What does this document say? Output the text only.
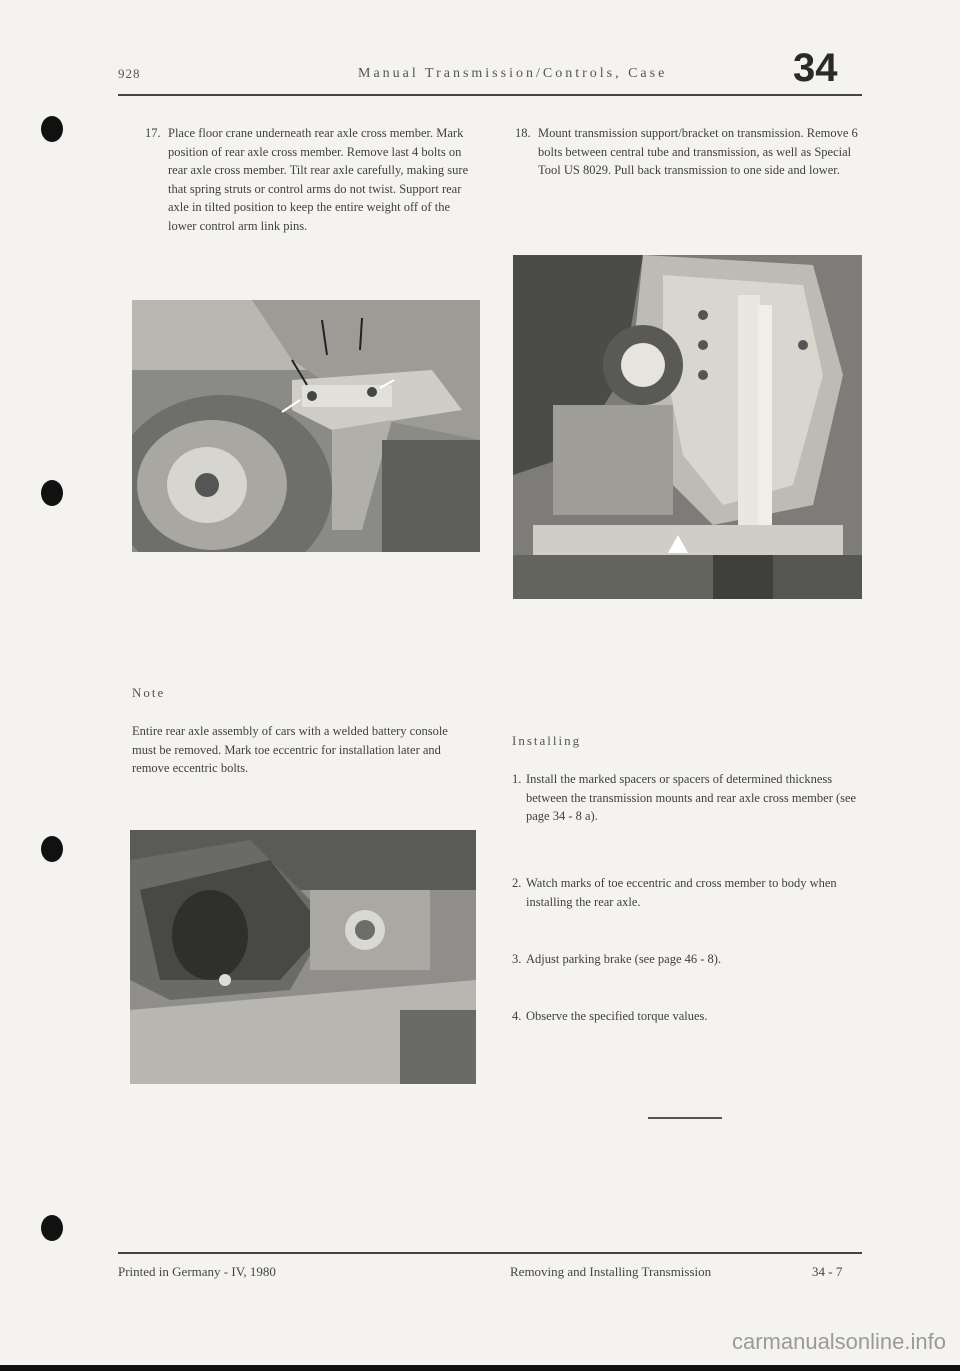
928	Manual Transmission/Controls, Case	34
17. Place floor crane underneath rear axle cross member. Mark position of rear axle cross member. Remove last 4 bolts on rear axle cross member. Tilt rear axle carefully, making sure that spring struts or control arms do not twist. Support rear axle in tilted position to keep the entire weight off of the lower control arm link pins.
Note
Entire rear axle assembly of cars with a welded battery console must be removed. Mark toe eccentric for installation later and remove eccentric bolts.
18. Mount transmission support/bracket on transmission. Remove 6 bolts between central tube and transmission, as well as Special Tool US 8029. Pull back transmission to one side and lower.
Installing
1. Install the marked spacers or spacers of determined thickness between the transmission mounts and rear axle cross member (see page 34 - 8 a).
2. Watch marks of toe eccentric and cross member to body when installing the rear axle.
3. Adjust parking brake (see page 46 - 8).
4. Observe the specified torque values.
Printed in Germany - IV, 1980	Removing and Installing Transmission	34 - 7
carmanualsonline.info
